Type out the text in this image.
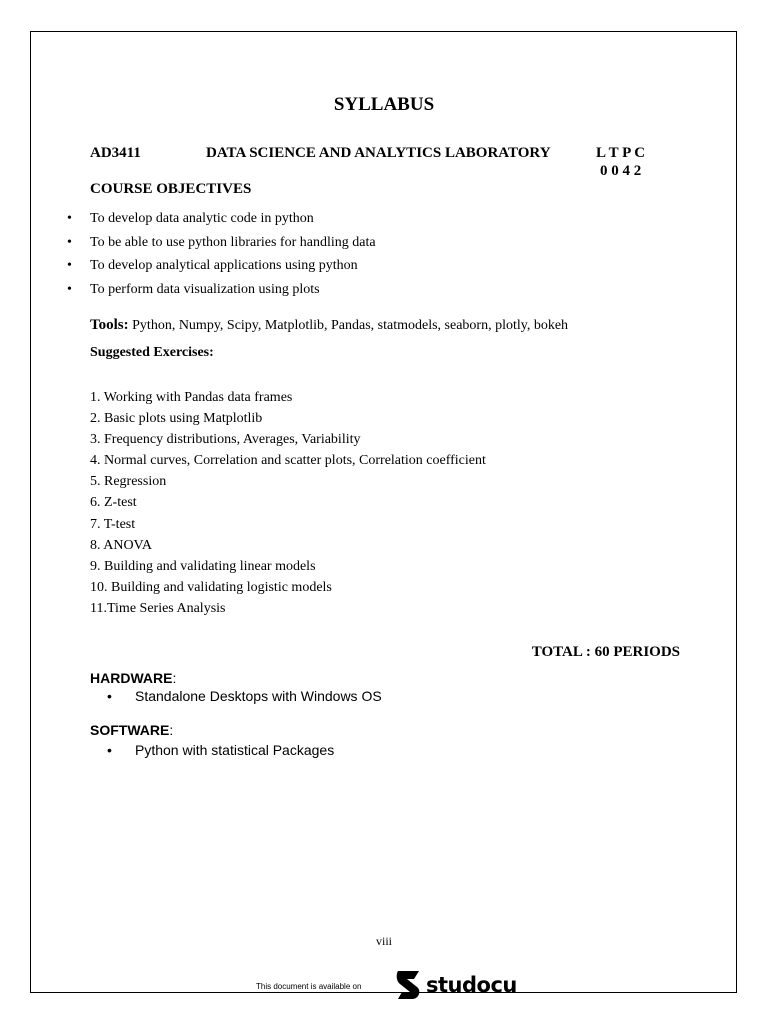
SYLLABUS
AD3411	DATA SCIENCE AND ANALYTICS LABORATORY	L T P C
0 0 4 2
COURSE OBJECTIVES
• To develop data analytic code in python
• To be able to use python libraries for handling data
• To develop analytical applications using python
• To perform data visualization using plots
Tools: Python, Numpy, Scipy, Matplotlib, Pandas, statmodels, seaborn, plotly, bokeh
Suggested Exercises:
1. Working with Pandas data frames
2. Basic plots using Matplotlib
3. Frequency distributions, Averages, Variability
4. Normal curves, Correlation and scatter plots, Correlation coefficient
5. Regression
6. Z-test
7. T-test
8. ANOVA
9. Building and validating linear models
10. Building and validating logistic models
11.Time Series Analysis
TOTAL : 60 PERIODS
HARDWARE:
• Standalone Desktops with Windows OS
SOFTWARE:
• Python with statistical Packages
viii
This document is available on	studocu
